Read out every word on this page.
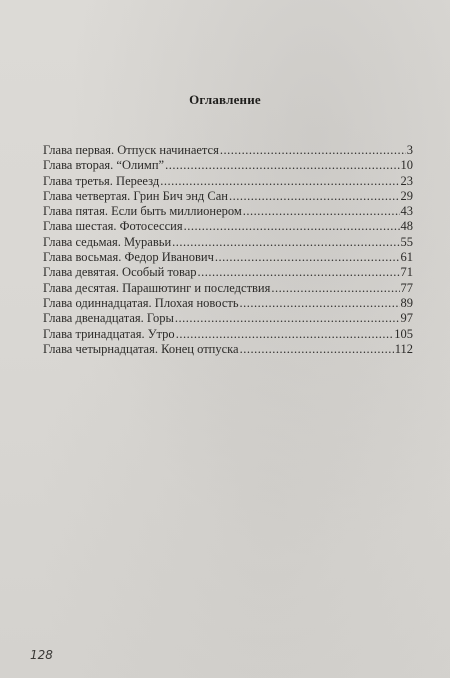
Оглавление
Глава первая. Отпуск начинается .....	3
Глава вторая. “Олимп” .....	10
Глава третья. Переезд .....	23
Глава четвертая. Грин Бич энд Сан .....	29
Глава пятая. Если быть миллионером .....	43
Глава шестая. Фотосессия .....	48
Глава седьмая. Муравьи .....	55
Глава восьмая. Федор Иванович .....	61
Глава девятая. Особый товар .....	71
Глава десятая. Парашютинг и последствия .....	77
Глава одиннадцатая. Плохая новость .....	89
Глава двенадцатая. Горы .....	97
Глава тринадцатая. Утро .....	105
Глава четырнадцатая. Конец отпуска .....	112
128
